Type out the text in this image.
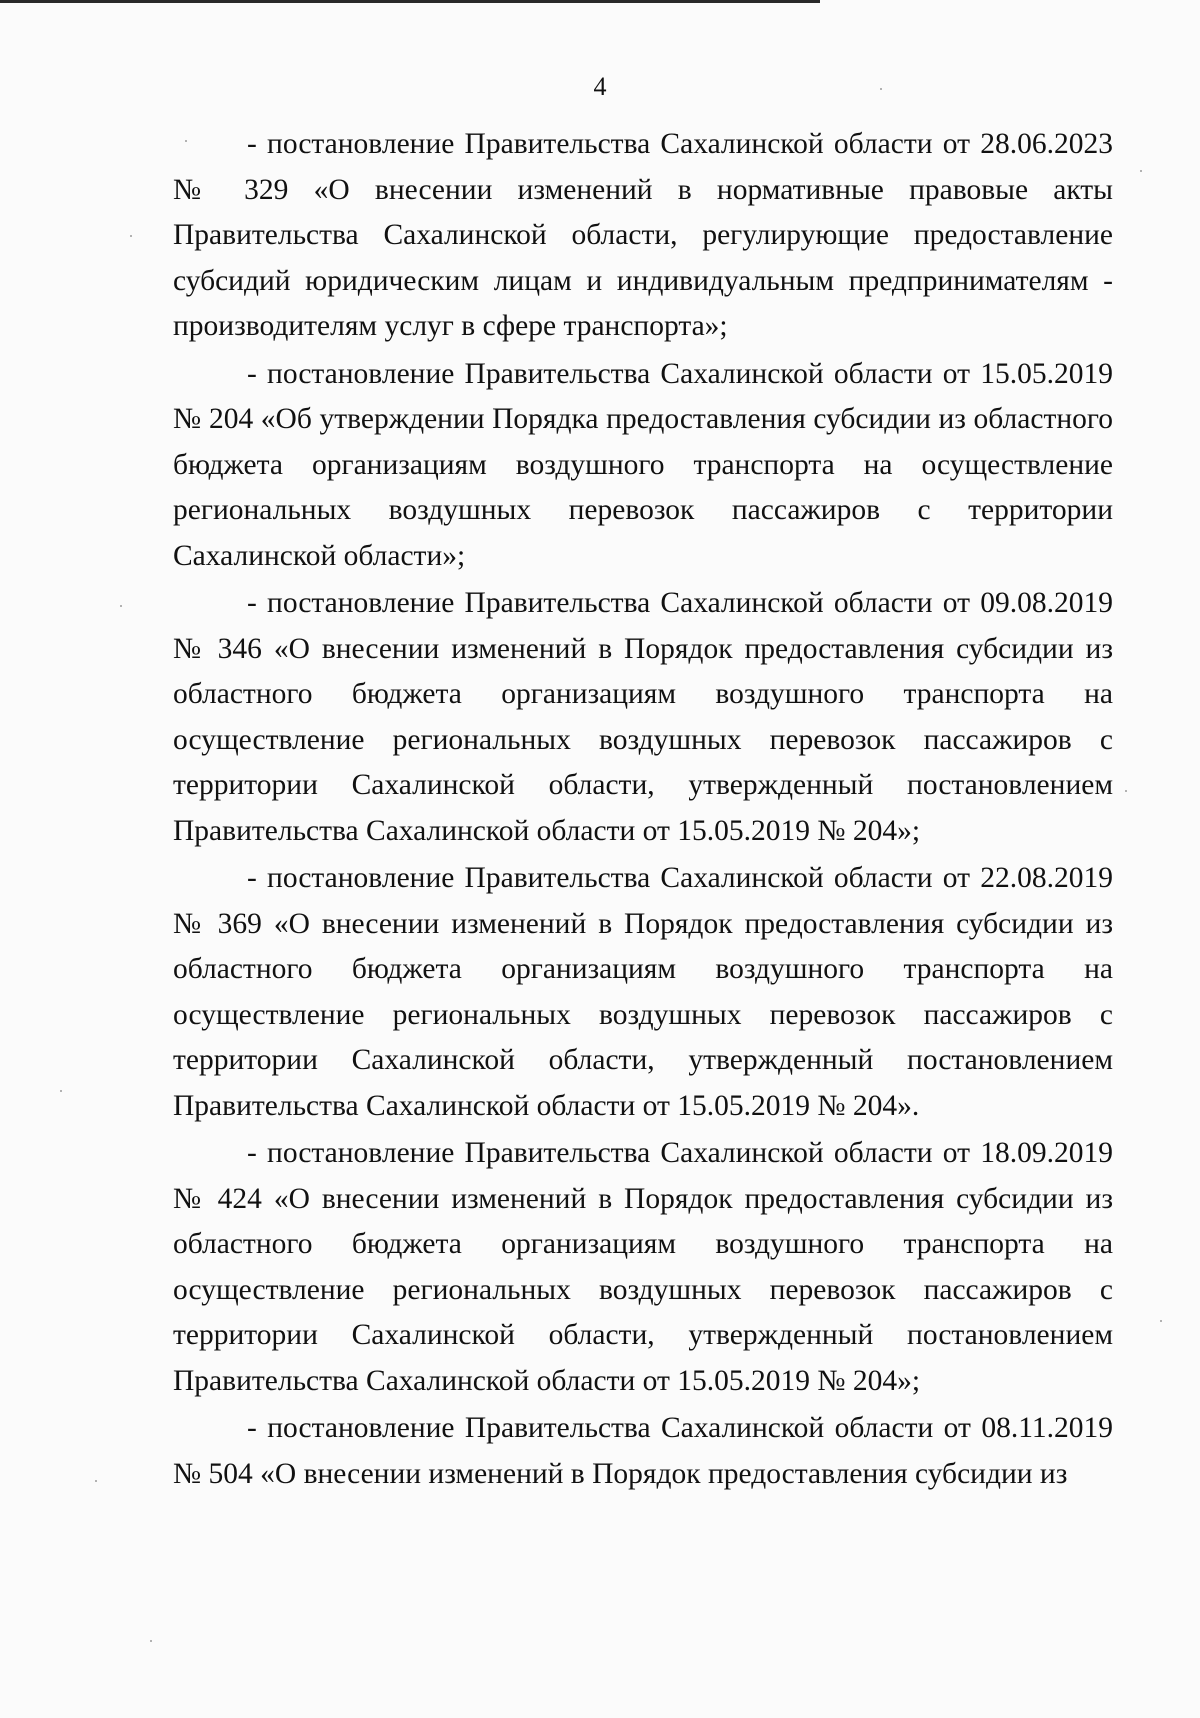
4

- постановление Правительства Сахалинской области от 28.06.2023 № 329 «О внесении изменений в нормативные правовые акты Правительства Сахалинской области, регулирующие предоставление субсидий юридическим лицам и индивидуальным предпринимателям - производителям услуг в сфере транспорта»;

- постановление Правительства Сахалинской области от 15.05.2019 № 204 «Об утверждении Порядка предоставления субсидии из областного бюджета организациям воздушного транспорта на осуществление региональных воздушных перевозок пассажиров с территории Сахалинской области»;

- постановление Правительства Сахалинской области от 09.08.2019 № 346 «О внесении изменений в Порядок предоставления субсидии из областного бюджета организациям воздушного транспорта на осуществление региональных воздушных перевозок пассажиров с территории Сахалинской области, утвержденный постановлением Правительства Сахалинской области от 15.05.2019 № 204»;

- постановление Правительства Сахалинской области от 22.08.2019 № 369 «О внесении изменений в Порядок предоставления субсидии из областного бюджета организациям воздушного транспорта на осуществление региональных воздушных перевозок пассажиров с территории Сахалинской области, утвержденный постановлением Правительства Сахалинской области от 15.05.2019 № 204».

- постановление Правительства Сахалинской области от 18.09.2019 № 424 «О внесении изменений в Порядок предоставления субсидии из областного бюджета организациям воздушного транспорта на осуществление региональных воздушных перевозок пассажиров с территории Сахалинской области, утвержденный постановлением Правительства Сахалинской области от 15.05.2019 № 204»;

- постановление Правительства Сахалинской области от 08.11.2019 № 504 «О внесении изменений в Порядок предоставления субсидии из
